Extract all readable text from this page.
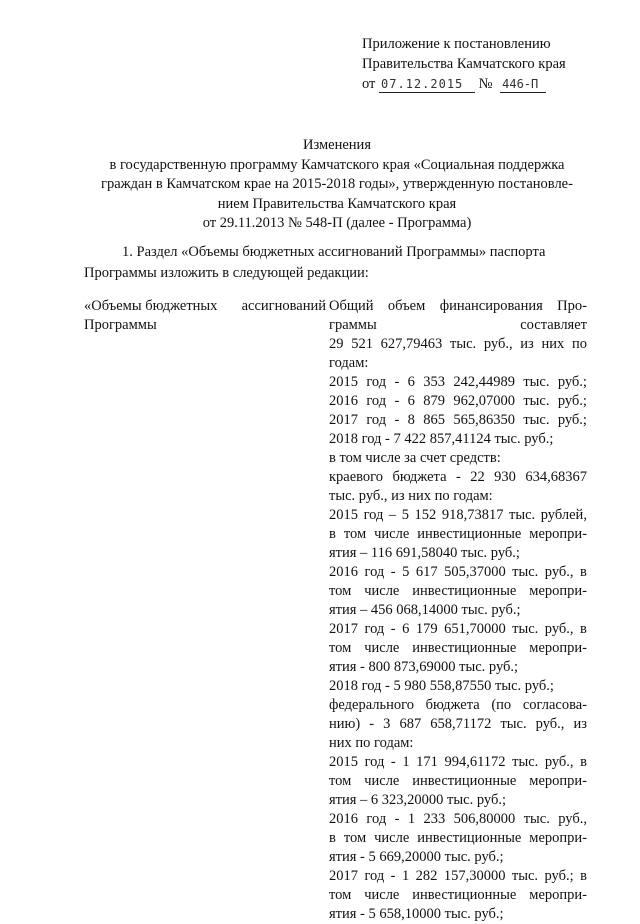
Приложение к постановлению
Правительства Камчатского края
от 07.12.2015 № 446-П
Изменения
в государственную программу Камчатского края «Социальная поддержка
граждан в Камчатском крае на 2015-2018 годы», утвержденную постановле-
нием Правительства Камчатского края
от 29.11.2013 № 548-П (далее - Программа)
1. Раздел «Объемы бюджетных ассигнований Программы» паспорта
Программы изложить в следующей редакции:
«Объемы бюджетных ассигнований
Программы
Общий объем финансирования Про-
граммы	составляет
29 521 627,79463 тыс. руб., из них по
годам:
2015 год - 6 353 242,44989 тыс. руб.;
2016 год - 6 879 962,07000 тыс. руб.;
2017 год - 8 865 565,86350 тыс. руб.;
2018 год - 7 422 857,41124 тыс. руб.;
в том числе за счет средств:
краевого бюджета - 22 930 634,68367
тыс. руб., из них по годам:
2015 год – 5 152 918,73817 тыс. рублей,
в том числе инвестиционные меропри-
ятия – 116 691,58040 тыс. руб.;
2016 год - 5 617 505,37000 тыс. руб., в
том числе инвестиционные меропри-
ятия – 456 068,14000 тыс. руб.;
2017 год - 6 179 651,70000 тыс. руб., в
том числе инвестиционные меропри-
ятия - 800 873,69000 тыс. руб.;
2018 год - 5 980 558,87550 тыс. руб.;
федерального бюджета (по согласова-
нию) - 3 687 658,71172 тыс. руб., из
них по годам:
2015 год - 1 171 994,61172 тыс. руб., в
том числе инвестиционные меропри-
ятия – 6 323,20000 тыс. руб.;
2016 год - 1 233 506,80000 тыс. руб.,
в том числе инвестиционные меропри-
ятия - 5 669,20000 тыс. руб.;
2017 год - 1 282 157,30000 тыс. руб.; в
том числе инвестиционные меропри-
ятия - 5 658,10000 тыс. руб.;
